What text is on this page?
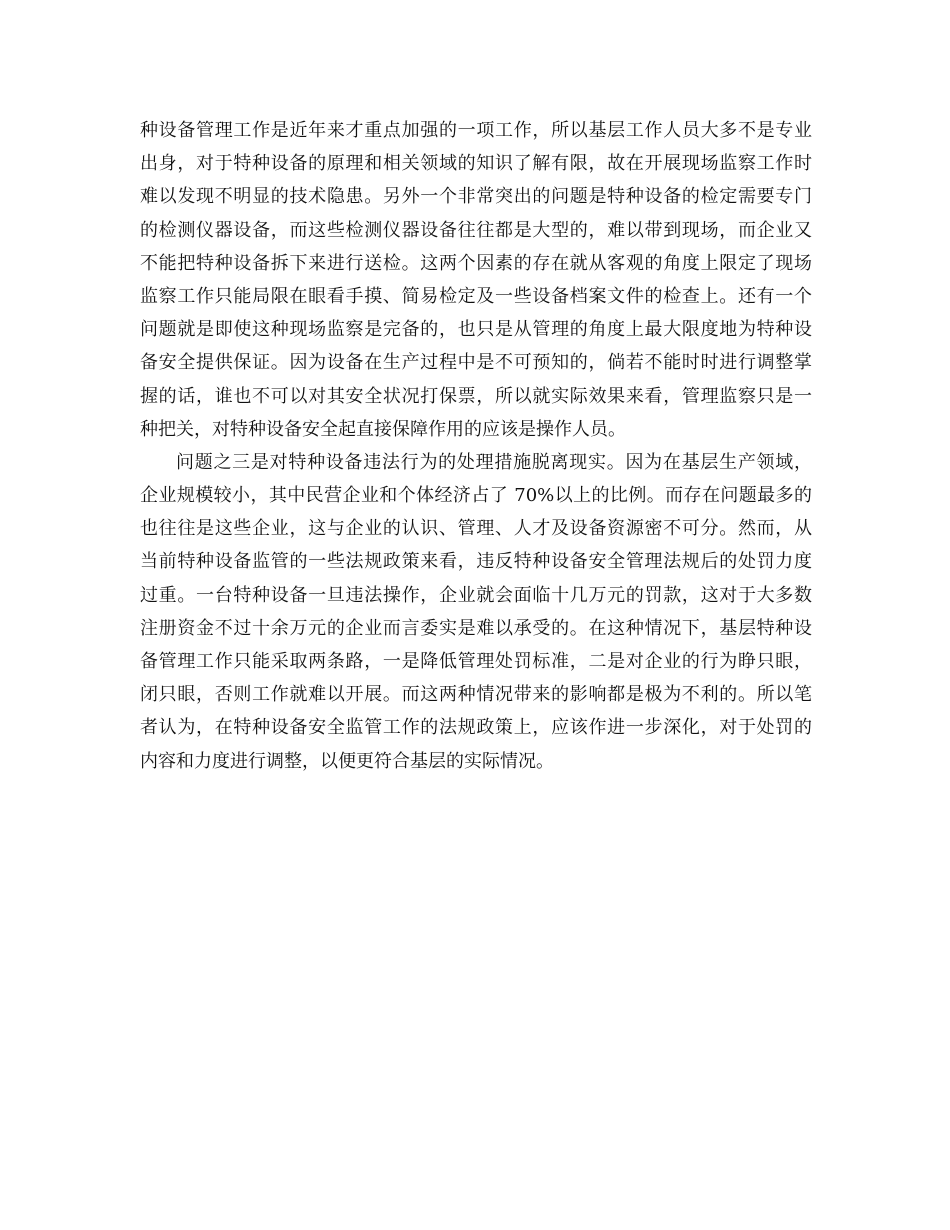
种设备管理工作是近年来才重点加强的一项工作，所以基层工作人员大多不是专业
出身，对于特种设备的原理和相关领域的知识了解有限，故在开展现场监察工作时
难以发现不明显的技术隐患。另外一个非常突出的问题是特种设备的检定需要专门
的检测仪器设备，而这些检测仪器设备往往都是大型的，难以带到现场，而企业又
不能把特种设备拆下来进行送检。这两个因素的存在就从客观的角度上限定了现场
监察工作只能局限在眼看手摸、简易检定及一些设备档案文件的检查上。还有一个
问题就是即使这种现场监察是完备的，也只是从管理的角度上最大限度地为特种设
备安全提供保证。因为设备在生产过程中是不可预知的，倘若不能时时进行调整掌
握的话，谁也不可以对其安全状况打保票，所以就实际效果来看，管理监察只是一
种把关，对特种设备安全起直接保障作用的应该是操作人员。
问题之三是对特种设备违法行为的处理措施脱离现实。因为在基层生产领域，
企业规模较小，其中民营企业和个体经济占了 70%以上的比例。而存在问题最多的
也往往是这些企业，这与企业的认识、管理、人才及设备资源密不可分。然而，从
当前特种设备监管的一些法规政策来看，违反特种设备安全管理法规后的处罚力度
过重。一台特种设备一旦违法操作，企业就会面临十几万元的罚款，这对于大多数
注册资金不过十余万元的企业而言委实是难以承受的。在这种情况下，基层特种设
备管理工作只能采取两条路，一是降低管理处罚标准，二是对企业的行为睁只眼，
闭只眼，否则工作就难以开展。而这两种情况带来的影响都是极为不利的。所以笔
者认为，在特种设备安全监管工作的法规政策上，应该作进一步深化，对于处罚的
内容和力度进行调整，以便更符合基层的实际情况。
